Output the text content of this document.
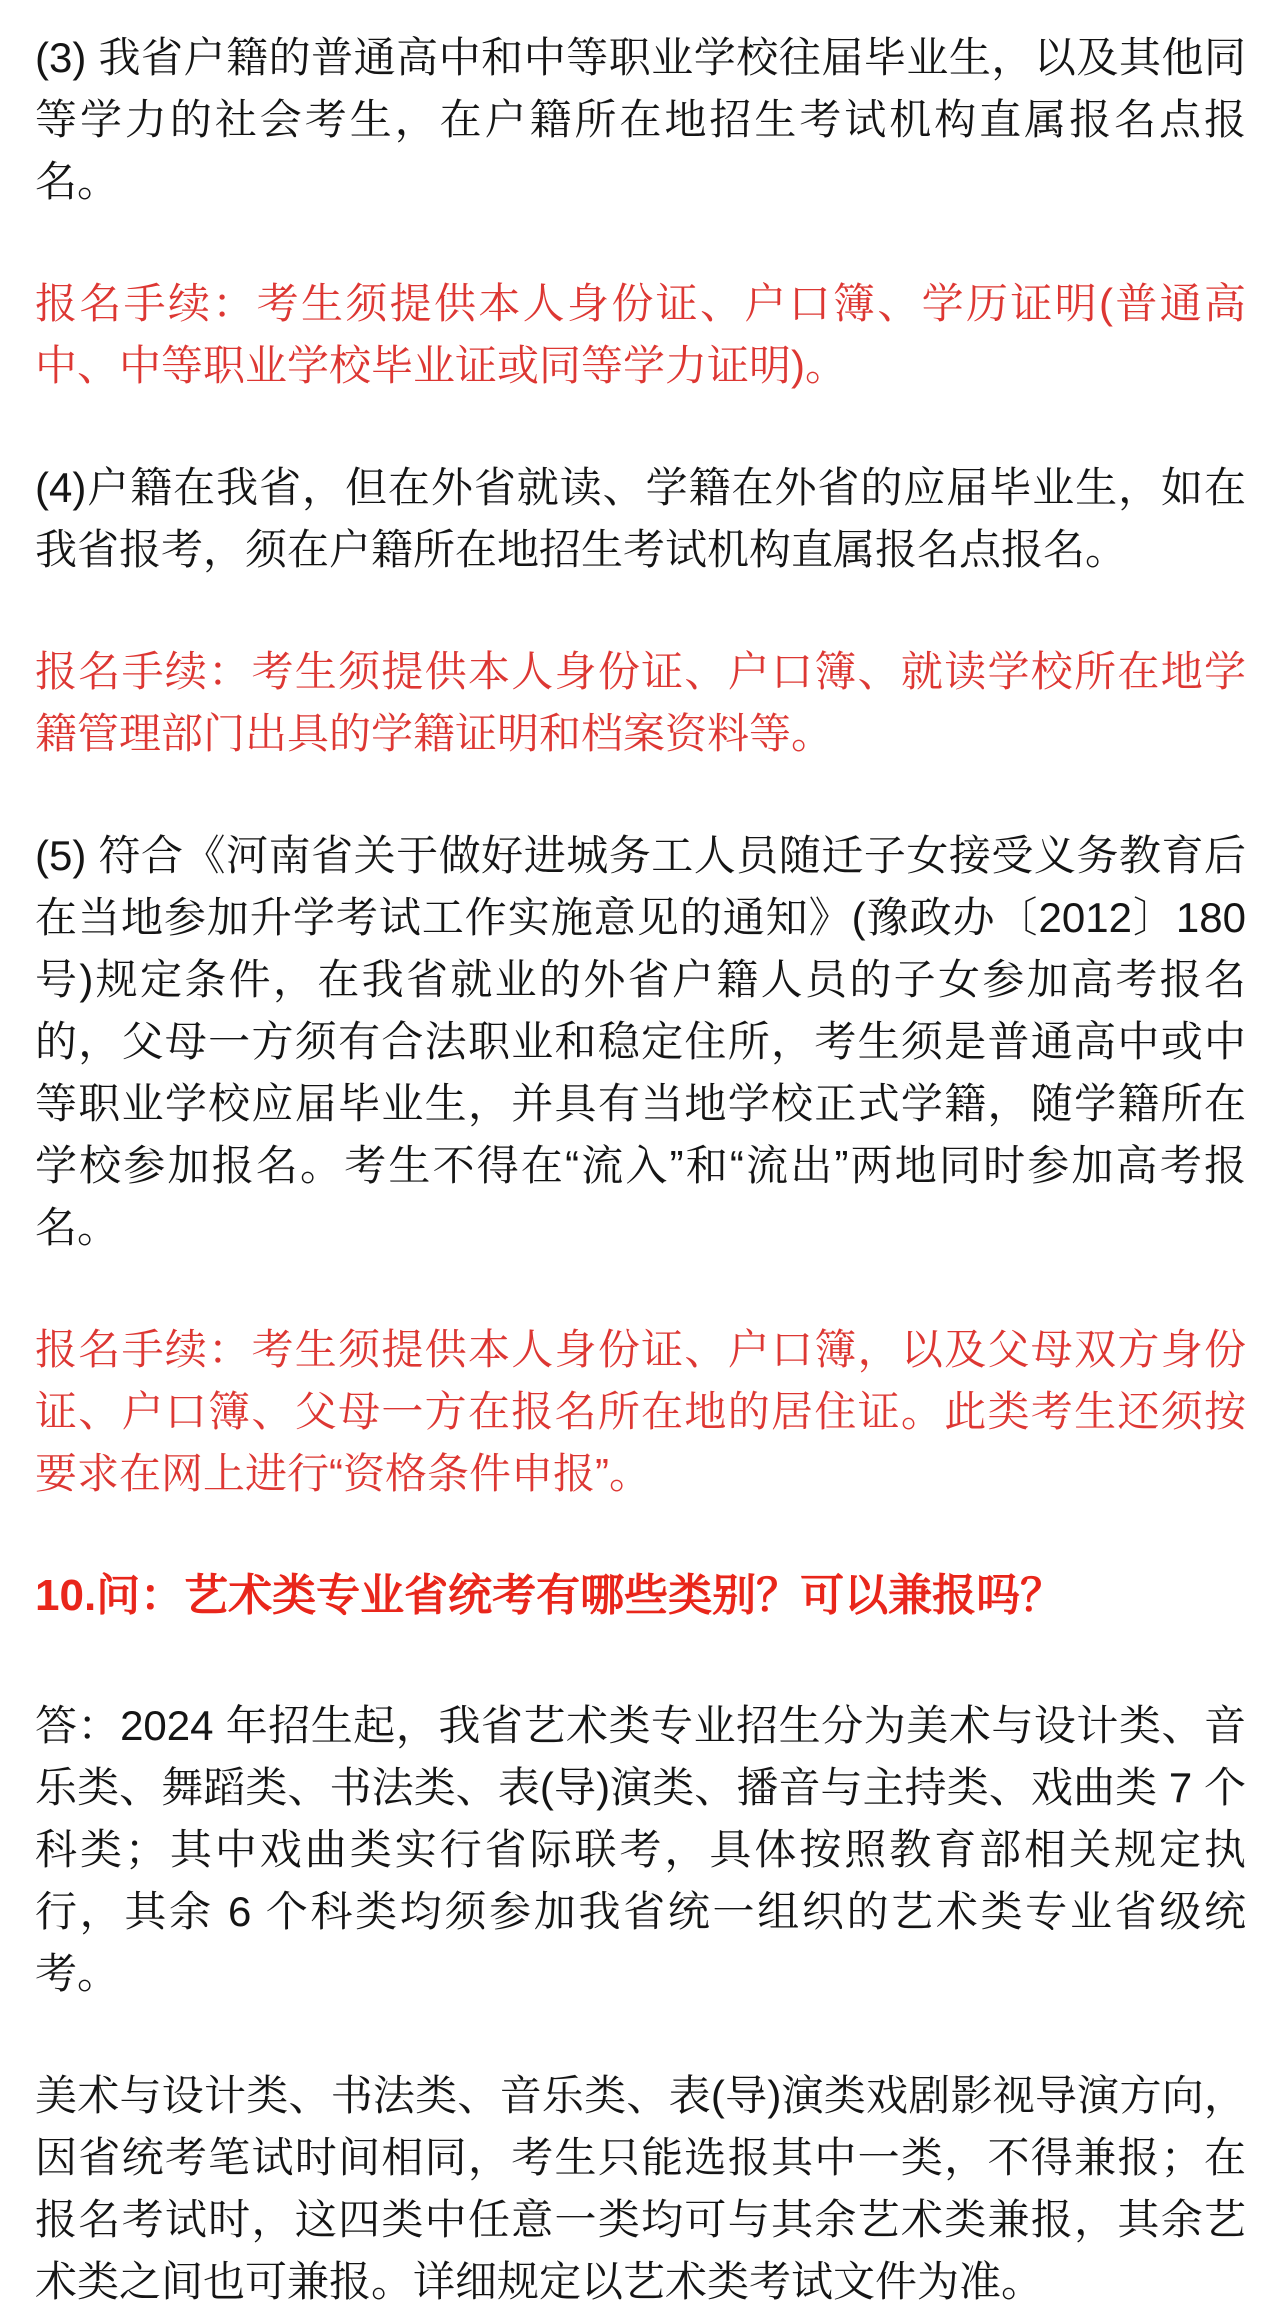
(3) 我省户籍的普通高中和中等职业学校往届毕业生，以及其他同等学力的社会考生，在户籍所在地招生考试机构直属报名点报名。

报名手续：考生须提供本人身份证、户口簿、学历证明(普通高中、中等职业学校毕业证或同等学力证明)。

(4)户籍在我省，但在外省就读、学籍在外省的应届毕业生，如在我省报考，须在户籍所在地招生考试机构直属报名点报名。

报名手续：考生须提供本人身份证、户口簿、就读学校所在地学籍管理部门出具的学籍证明和档案资料等。

(5) 符合《河南省关于做好进城务工人员随迁子女接受义务教育后在当地参加升学考试工作实施意见的通知》(豫政办〔2012〕180 号)规定条件，在我省就业的外省户籍人员的子女参加高考报名的，父母一方须有合法职业和稳定住所，考生须是普通高中或中等职业学校应届毕业生，并具有当地学校正式学籍，随学籍所在学校参加报名。考生不得在“流入”和“流出”两地同时参加高考报名。

报名手续：考生须提供本人身份证、户口簿，以及父母双方身份证、户口簿、父母一方在报名所在地的居住证。此类考生还须按要求在网上进行“资格条件申报”。

10.问：艺术类专业省统考有哪些类别？可以兼报吗？

答：2024 年招生起，我省艺术类专业招生分为美术与设计类、音乐类、舞蹈类、书法类、表(导)演类、播音与主持类、戏曲类 7 个科类；其中戏曲类实行省际联考，具体按照教育部相关规定执行，其余 6 个科类均须参加我省统一组织的艺术类专业省级统考。

美术与设计类、书法类、音乐类、表(导)演类戏剧影视导演方向，因省统考笔试时间相同，考生只能选报其中一类，不得兼报；在报名考试时，这四类中任意一类均可与其余艺术类兼报，其余艺术类之间也可兼报。详细规定以艺术类考试文件为准。
